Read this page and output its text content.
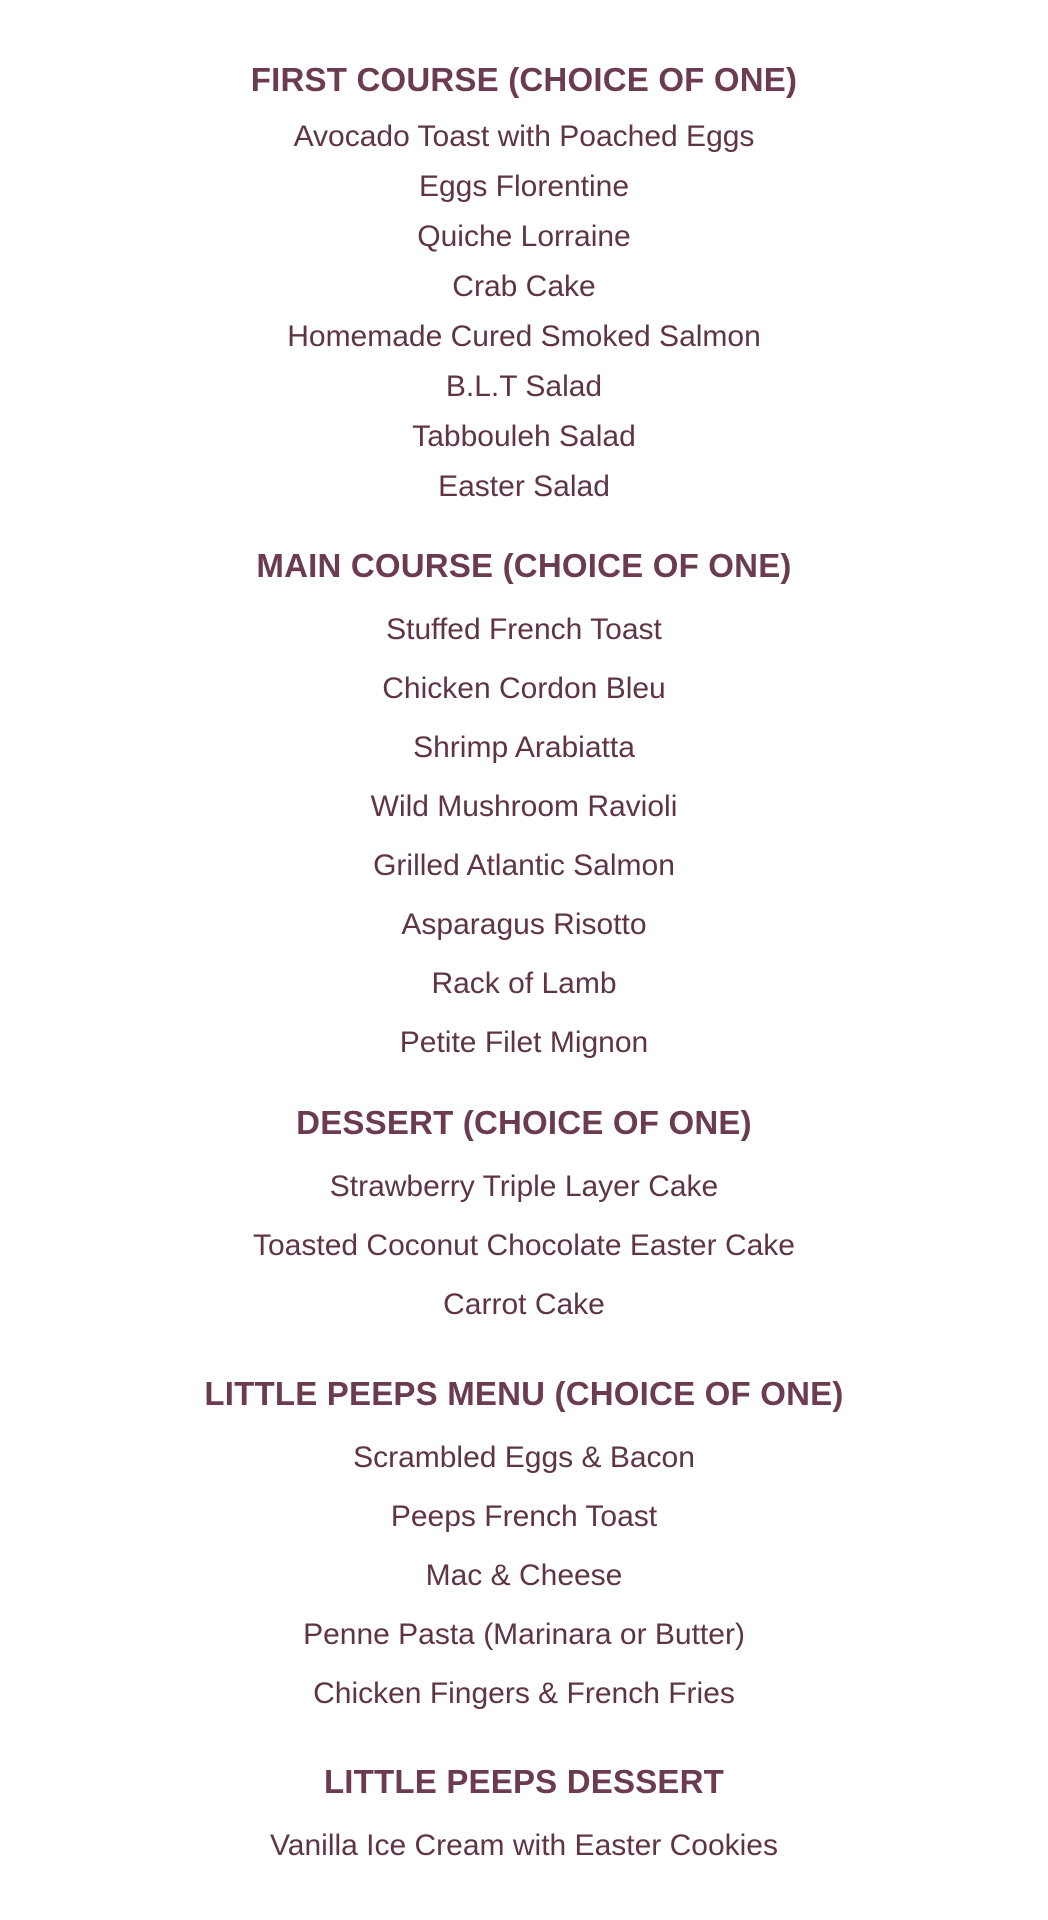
FIRST COURSE (CHOICE OF ONE)
Avocado Toast with Poached Eggs
Eggs Florentine
Quiche Lorraine
Crab Cake
Homemade Cured Smoked Salmon
B.L.T Salad
Tabbouleh Salad
Easter Salad
MAIN COURSE (CHOICE OF ONE)
Stuffed French Toast
Chicken Cordon Bleu
Shrimp Arabiatta
Wild Mushroom Ravioli
Grilled Atlantic Salmon
Asparagus Risotto
Rack of Lamb
Petite Filet Mignon
DESSERT (CHOICE OF ONE)
Strawberry Triple Layer Cake
Toasted Coconut Chocolate Easter Cake
Carrot Cake
LITTLE PEEPS MENU (CHOICE OF ONE)
Scrambled Eggs & Bacon
Peeps French Toast
Mac & Cheese
Penne Pasta (Marinara or Butter)
Chicken Fingers & French Fries
LITTLE PEEPS DESSERT
Vanilla Ice Cream with Easter Cookies
